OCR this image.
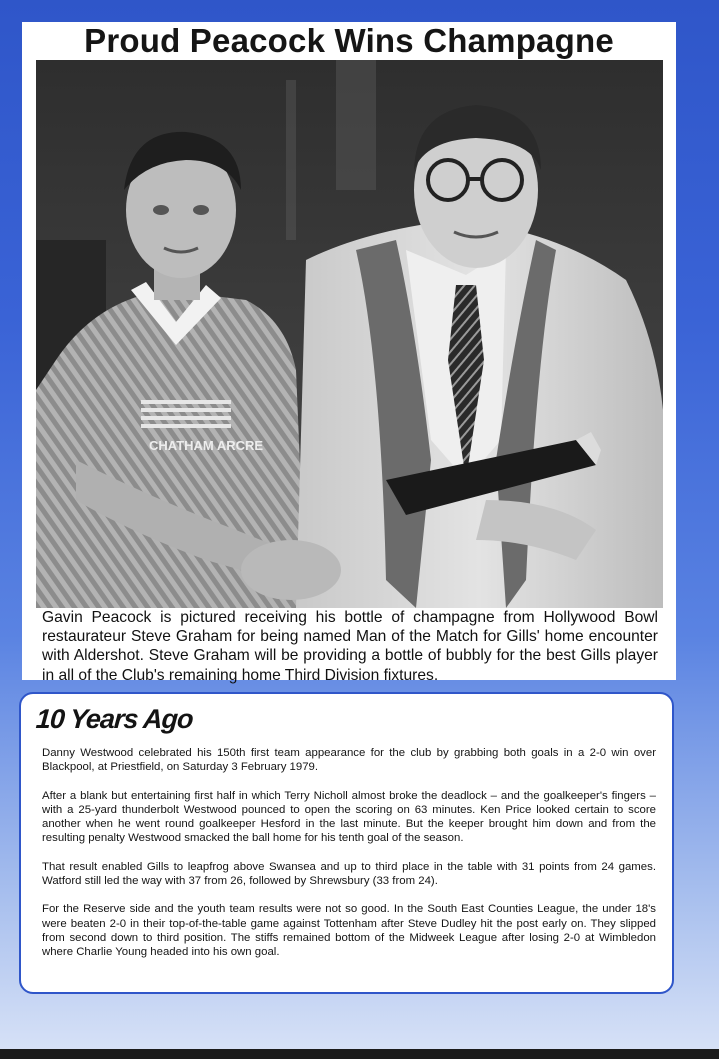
Proud Peacock Wins Champagne
CHATHAM ARCRE
Gavin Peacock is pictured receiving his bottle of champagne from Hollywood Bowl restaurateur Steve Graham for being named Man of the Match for Gills' home encounter with Aldershot. Steve Graham will be providing a bottle of bubbly for the best Gills player in all of the Club's remaining home Third Division fixtures.
10 Years Ago

Danny Westwood celebrated his 150th first team appearance for the club by grabbing both goals in a 2-0 win over Blackpool, at Priestfield, on Saturday 3 February 1979.

After a blank but entertaining first half in which Terry Nicholl almost broke the deadlock – and the goalkeeper's fingers – with a 25-yard thunderbolt Westwood pounced to open the scoring on 63 minutes. Ken Price looked certain to score another when he went round goalkeeper Hesford in the last minute. But the keeper brought him down and from the resulting penalty Westwood smacked the ball home for his tenth goal of the season.

That result enabled Gills to leapfrog above Swansea and up to third place in the table with 31 points from 24 games. Watford still led the way with 37 from 26, followed by Shrewsbury (33 from 24).

For the Reserve side and the youth team results were not so good. In the South East Counties League, the under 18's were beaten 2-0 in their top-of-the-table game against Tottenham after Steve Dudley hit the post early on. They slipped from second down to third position. The stiffs remained bottom of the Midweek League after losing 2-0 at Wimbledon where Charlie Young headed into his own goal.
